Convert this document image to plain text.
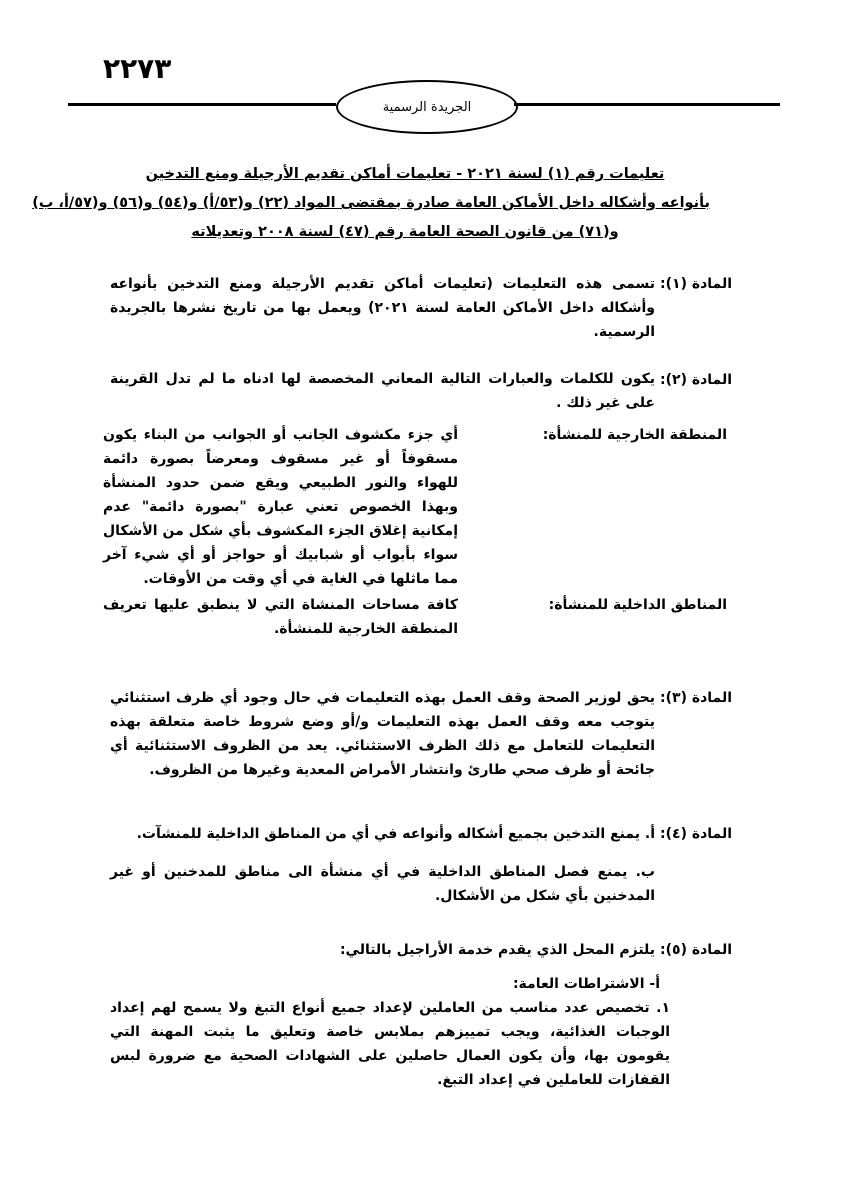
٢٢٧٣
الجريدة الرسمية
تعليمات رقم (١) لسنة ٢٠٢١ - تعليمات أماكن تقديم الأرجيلة ومنع التدخين
بأنواعه وأشكاله داخل الأماكن العامة صادرة بمقتضى المواد (٢٢) و(٥٣/أ) و(٥٤) و(٥٦) و(٥٧/أ، ب)
و(٧١) من قانون الصحة العامة رقم (٤٧) لسنة ٢٠٠٨ وتعديلاته
المادة (١):
تسمى هذه التعليمات (تعليمات أماكن تقديم الأرجيلة ومنع التدخين بأنواعه وأشكاله داخل الأماكن العامة لسنة ٢٠٢١) ويعمل بها من تاريخ نشرها بالجريدة الرسمية.
المادة (٢):
يكون للكلمات والعبارات التالية المعاني المخصصة لها ادناه ما لم تدل القرينة على غير ذلك .
المنطقة الخارجية للمنشأة:
أي جزء مكشوف الجانب أو الجوانب من البناء يكون مسقوفاً أو غير مسقوف ومعرضاً بصورة دائمة للهواء والنور الطبيعي ويقع ضمن حدود المنشأة وبهذا الخصوص تعني عبارة "بصورة دائمة" عدم إمكانية إغلاق الجزء المكشوف بأي شكل من الأشكال سواء بأبواب أو شبابيك أو حواجز أو أي شيء آخر مما ماثلها في الغاية في أي وقت من الأوقات.
المناطق الداخلية للمنشأة:
كافة مساحات المنشاة التي لا ينطبق عليها تعريف المنطقة الخارجية للمنشأة.
المادة (٣):
يحق لوزير الصحة وقف العمل بهذه التعليمات في حال وجود أي ظرف استثنائي يتوجب معه وقف العمل بهذه التعليمات و/أو وضع شروط خاصة متعلقة بهذه التعليمات للتعامل مع ذلك الظرف الاستثنائي. يعد من الظروف الاستثنائية أي جائحة أو ظرف صحي طارئ وانتشار الأمراض المعدية وغيرها من الظروف.
المادة (٤):
أ. يمنع التدخين بجميع أشكاله وأنواعه في أي من المناطق الداخلية للمنشآت.
ب. يمنع فصل المناطق الداخلية في أي منشأة الى مناطق للمدخنين أو غير المدخنين بأي شكل من الأشكال.
المادة (٥):
يلتزم المحل الذي يقدم خدمة الأراجيل بالتالي:
أ- الاشتراطات العامة:
١. تخصيص عدد مناسب من العاملين لإعداد جميع أنواع التبغ ولا يسمح لهم إعداد الوجبات الغذائية، ويجب تمييزهم بملابس خاصة وتعليق ما يثبت المهنة التي يقومون بها، وأن يكون العمال حاصلين على الشهادات الصحية مع ضرورة لبس القفازات للعاملين في إعداد التبغ.
